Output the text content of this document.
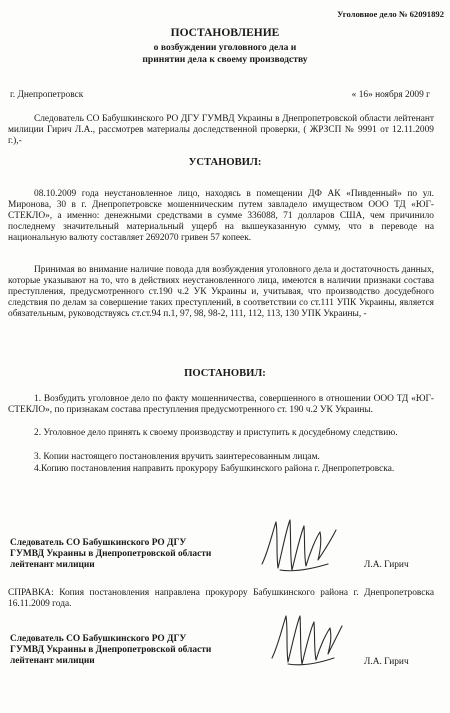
Уголовное дело № 62091892
ПОСТАНОВЛЕНИЕ
о возбуждении уголовного дела и
принятии дела к своему производству
г. Днепропетровск	« 16» ноября 2009 г
Следователь СО Бабушкинского РО ДГУ ГУМВД Украины в Днепропетровской области лейтенант милиции Гирич Л.А., рассмотрев материалы доследственной проверки, ( ЖРЗСП № 9991 от 12.11.2009 г.),-
УСТАНОВИЛ:
08.10.2009 года неустановленное лицо, находясь в помещении ДФ АК «Пивденный» по ул. Миронова, 30 в г. Днепропетровске мошенническим путем завладело имуществом ООО ТД «ЮГ-СТЕКЛО», а именно: денежными средствами в сумме 336088, 71 долларов США, чем причинило последнему значительный материальный ущерб на вышеуказанную сумму, что в переводе на национальную валюту составляет 2692070 гривен 57 копеек.
Принимая во внимание наличие повода для возбуждения уголовного дела и достаточность данных, которые указывают на то, что в действиях неустановленного лица, имеются в наличии признаки состава преступления, предусмотренного ст.190 ч.2 УК Украины и, учитывая, что производство досудебного следствия по делам за совершение таких преступлений, в соответствии со ст.111 УПК Украины, является обязательным, руководствуясь ст.ст.94 п.1, 97, 98, 98-2, 111, 112, 113, 130 УПК Украины, -
ПОСТАНОВИЛ:
1. Возбудить уголовное дело по факту мошенничества, совершенного в отношении ООО ТД «ЮГ- СТЕКЛО», по признакам состава преступления предусмотренного ст. 190 ч.2 УК Украины.
2. Уголовное дело принять к своему производству и приступить к досудебному следствию.
3. Копии настоящего постановления вручить заинтересованным лицам.
4.Копию постановления направить прокурору Бабушкинского района г. Днепропетровска.
Следователь СО Бабушкинского РО ДГУ
ГУМВД Украины в Днепропетровской области
лейтенант милиции	Л.А. Гирич
СПРАВКА: Копия постановления направлена прокурору Бабушкинского района г. Днепропетровска 16.11.2009 года.
Следователь СО Бабушкинского РО ДГУ
ГУМВД Украины в Днепропетровской области
лейтенант милиции	Л.А. Гирич
